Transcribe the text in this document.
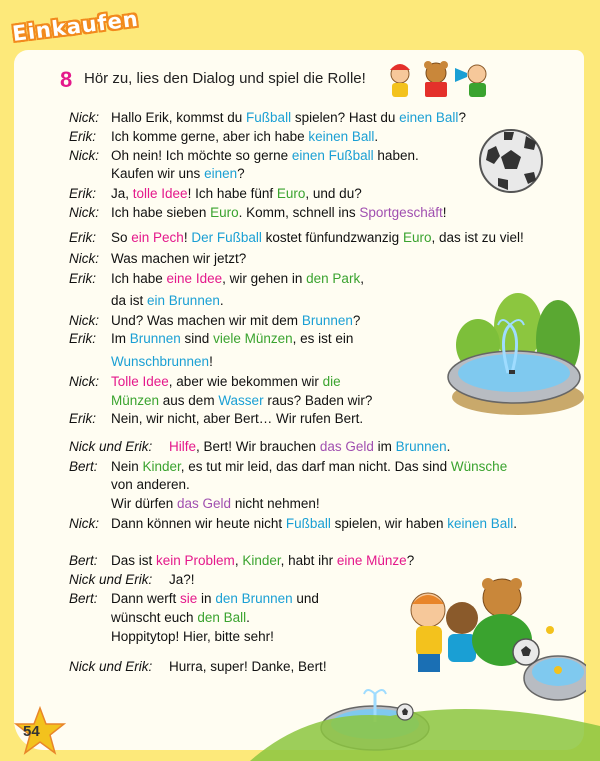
Einkaufen
8 Hör zu, lies den Dialog und spiel die Rolle!
Nick: Hallo Erik, kommst du Fußball spielen? Hast du einen Ball?
Erik: Ich komme gerne, aber ich habe keinen Ball.
Nick: Oh nein! Ich möchte so gerne einen Fußball haben.
Kaufen wir uns einen?
Erik: Ja, tolle Idee! Ich habe fünf Euro, und du?
Nick: Ich habe sieben Euro. Komm, schnell ins Sportgeschäft!
Erik: So ein Pech! Der Fußball kostet fünfundzwanzig Euro, das ist zu viel!
Nick: Was machen wir jetzt?
Erik: Ich habe eine Idee, wir gehen in den Park,
da ist ein Brunnen.
Nick: Und? Was machen wir mit dem Brunnen?
Erik: Im Brunnen sind viele Münzen, es ist ein
Wunschbrunnen!
Nick: Tolle Idee, aber wie bekommen wir die
Münzen aus dem Wasser raus? Baden wir?
Erik: Nein, wir nicht, aber Bert… Wir rufen Bert.
Nick und Erik: Hilfe, Bert! Wir brauchen das Geld im Brunnen.
Bert: Nein Kinder, es tut mir leid, das darf man nicht. Das sind Wünsche
von anderen.
Wir dürfen das Geld nicht nehmen!
Nick: Dann können wir heute nicht Fußball spielen, wir haben keinen Ball.
Bert: Das ist kein Problem, Kinder, habt ihr eine Münze?
Nick und Erik: Ja?!
Bert: Dann werft sie in den Brunnen und
wünscht euch den Ball.
Hoppitytop! Hier, bitte sehr!
Nick und Erik: Hurra, super! Danke, Bert!
54
